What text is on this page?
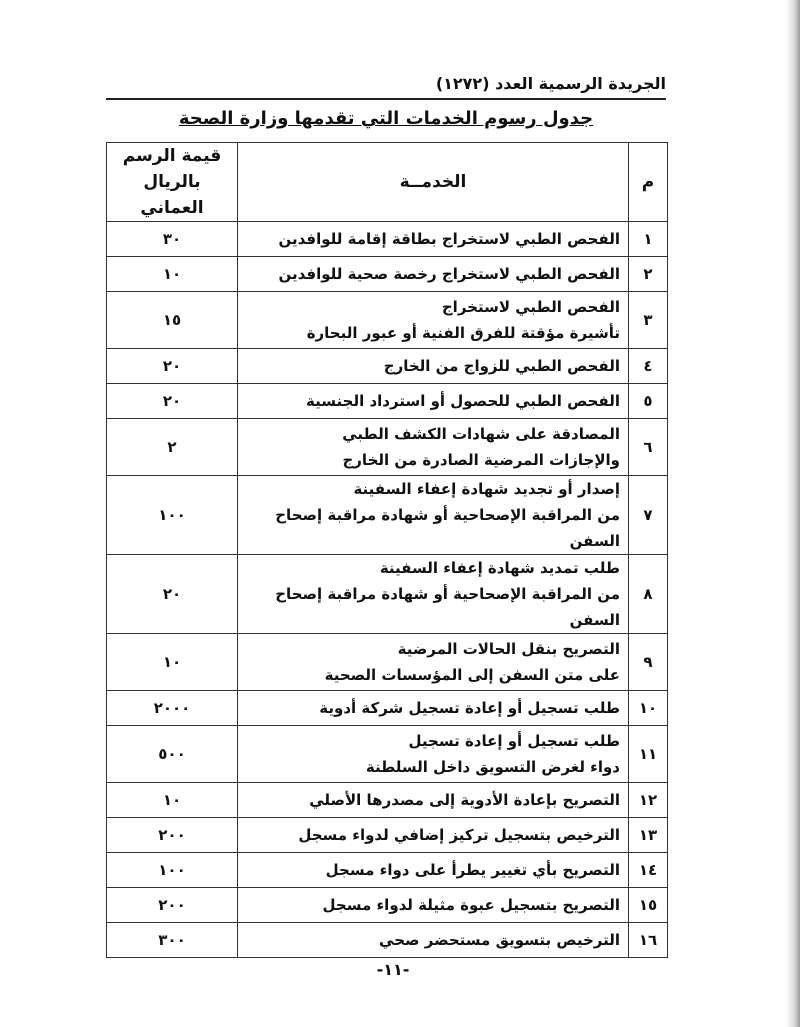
الجريدة الرسمية العدد (١٢٧٢)
جدول رسوم الخدمات التي تقدمها وزارة الصحة
م	الخدمــة	قيمة الرسم
بالريال العماني

١	الفحص الطبي لاستخراج بطاقة إقامة للوافدين	٣٠
٢	الفحص الطبي لاستخراج رخصة صحية للوافدين	١٠
٣	الفحص الطبي لاستخراج
تأشيرة مؤقتة للفرق الفنية أو عبور البحارة	١٥
٤	الفحص الطبي للزواج من الخارج	٢٠
٥	الفحص الطبي للحصول أو استرداد الجنسية	٢٠
٦	المصادقة على شهادات الكشف الطبي
والإجازات المرضية الصادرة من الخارج	٢
٧	إصدار أو تجديد شهادة إعفاء السفينة
من المراقبة الإصحاحية أو شهادة مراقبة إصحاح السفن	١٠٠
٨	طلب تمديد شهادة إعفاء السفينة
من المراقبة الإصحاحية أو شهادة مراقبة إصحاح السفن	٢٠
٩	التصريح بنقل الحالات المرضية
على متن السفن إلى المؤسسات الصحية	١٠
١٠	طلب تسجيل أو إعادة تسجيل شركة أدوية	٢٠٠٠
١١	طلب تسجيل أو إعادة تسجيل
دواء لغرض التسويق داخل السلطنة	٥٠٠
١٢	التصريح بإعادة الأدوية إلى مصدرها الأصلي	١٠
١٣	الترخيص بتسجيل تركيز إضافي لدواء مسجل	٢٠٠
١٤	التصريح بأي تغيير يطرأ على دواء مسجل	١٠٠
١٥	التصريح بتسجيل عبوة مثيلة لدواء مسجل	٢٠٠
١٦	الترخيص بتسويق مستحضر صحي	٣٠٠
-١١-
